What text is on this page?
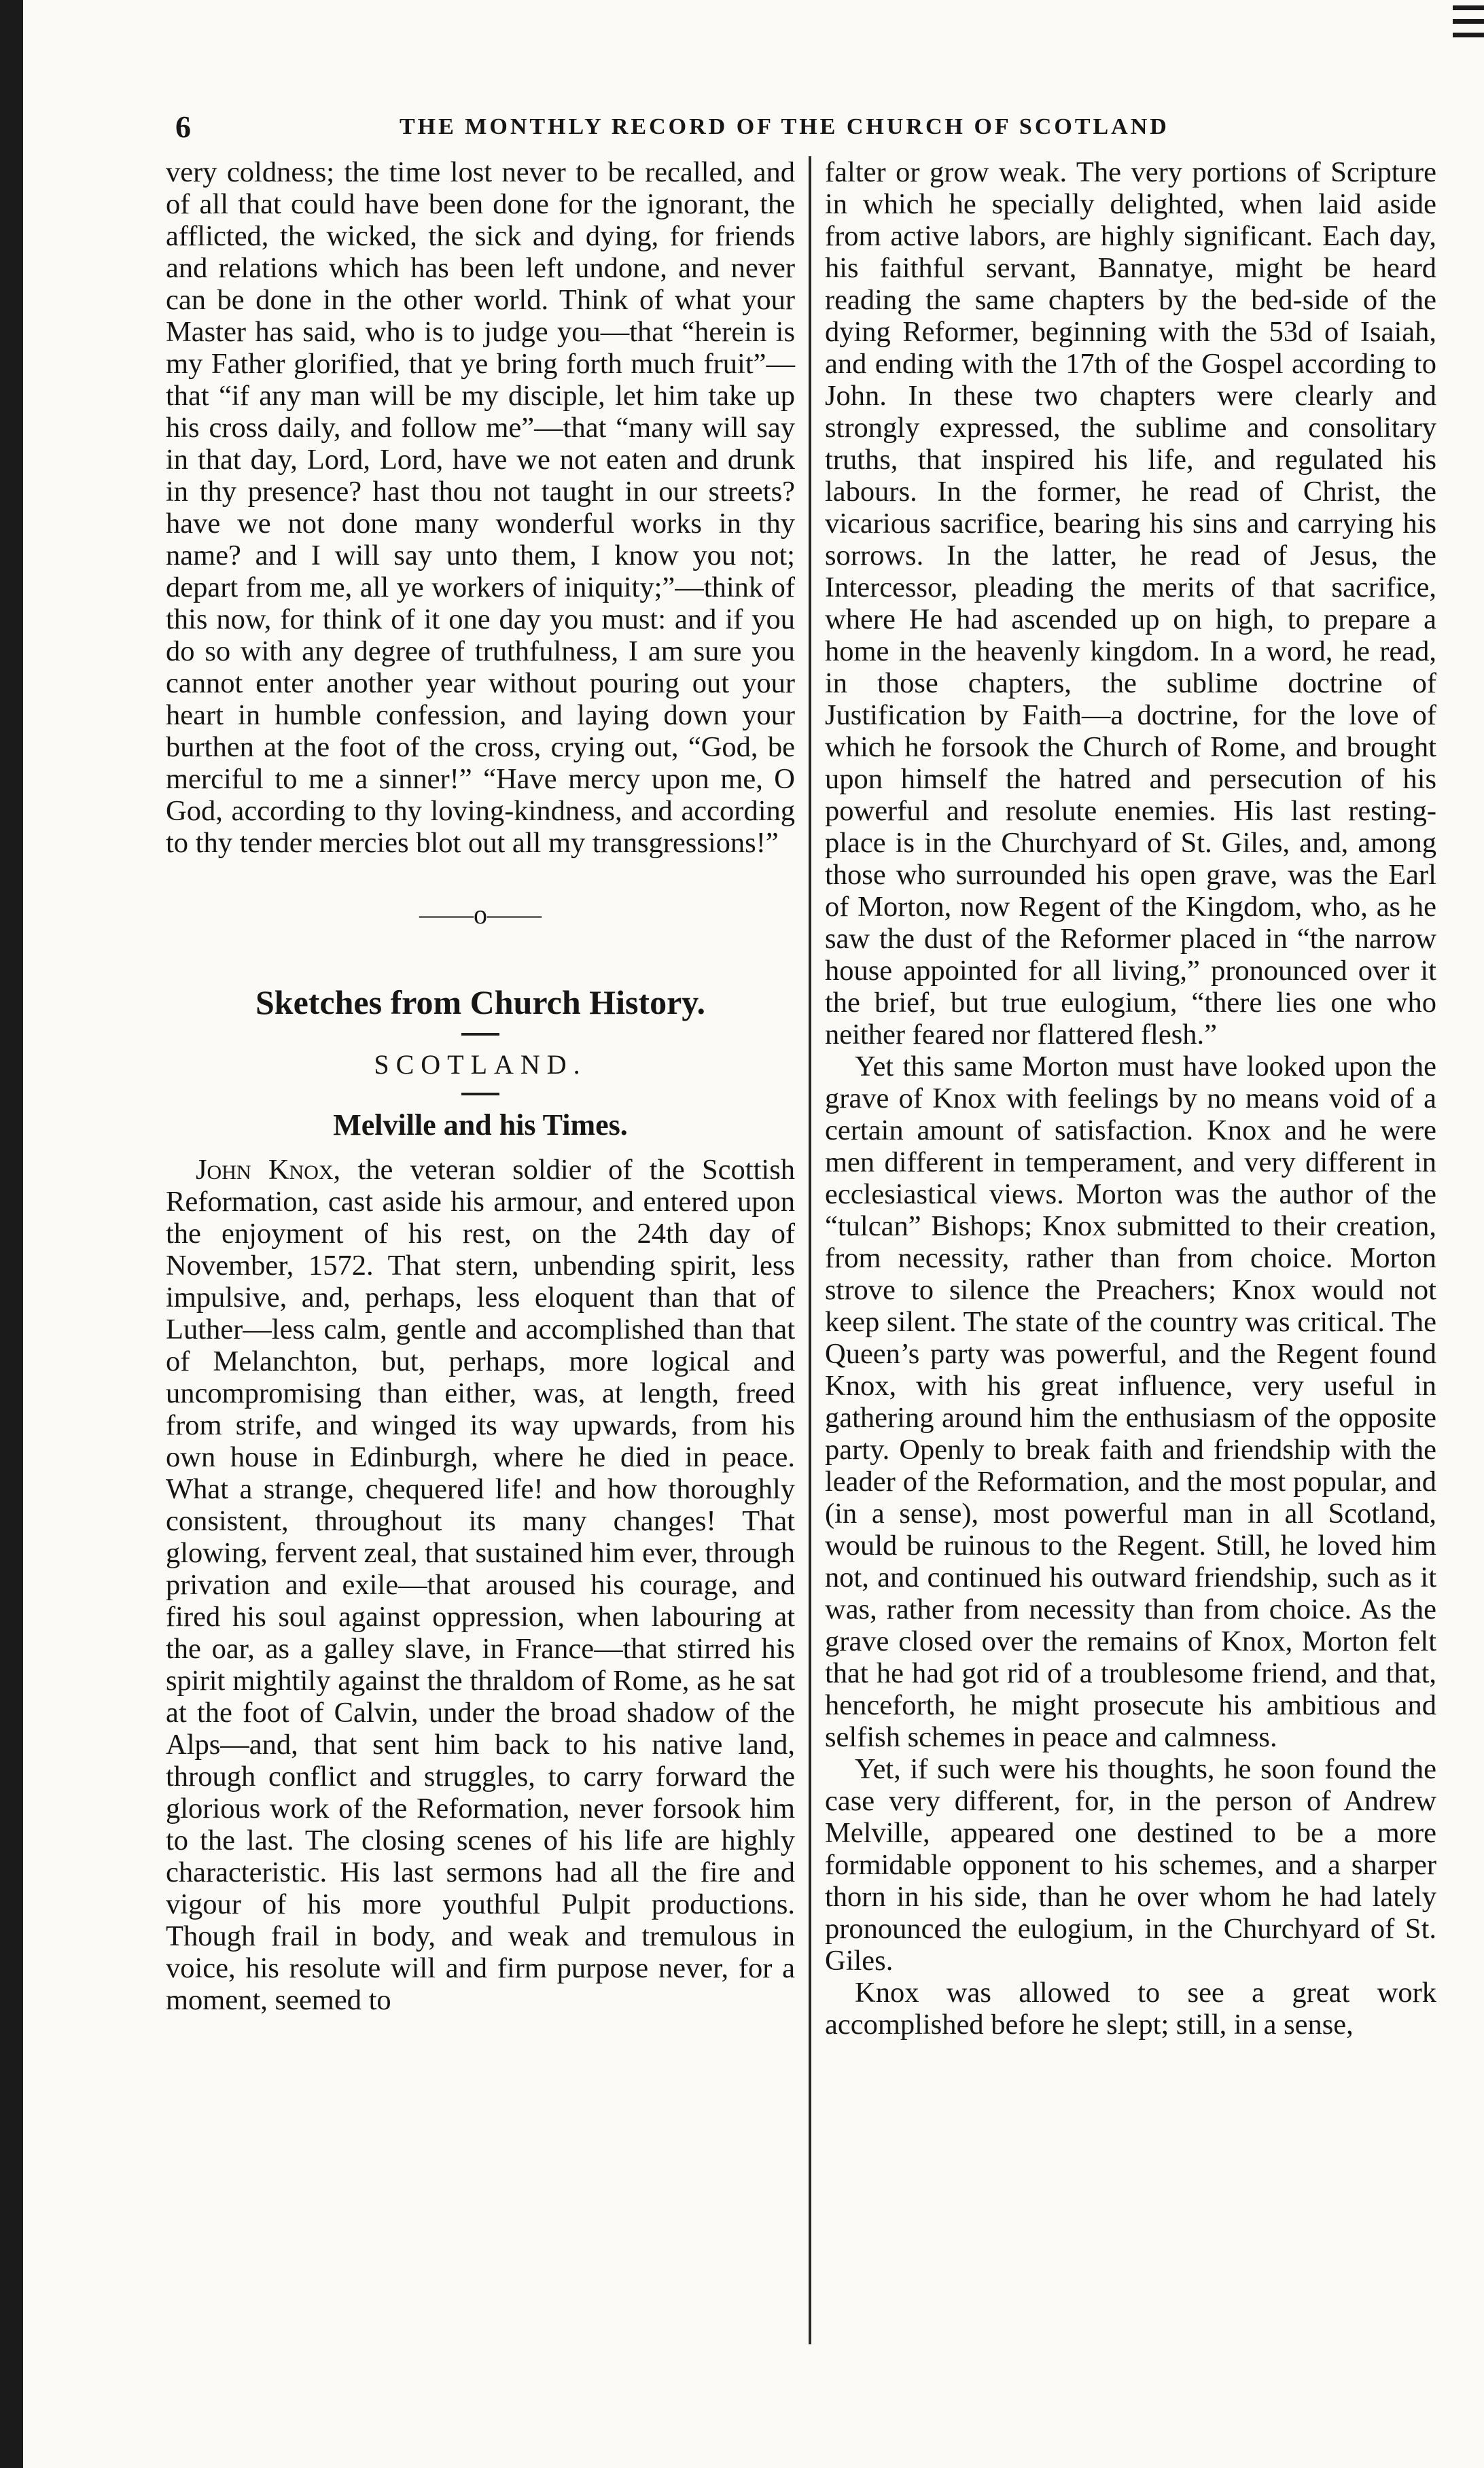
6	THE MONTHLY RECORD OF THE CHURCH OF SCOTLAND

very coldness; the time lost never to be recalled, and of all that could have been done for the ignorant, the afflicted, the wicked, the sick and dying, for friends and relations which has been left undone, and never can be done in the other world. Think of what your Master has said, who is to judge you—that “herein is my Father glorified, that ye bring forth much fruit”—that “if any man will be my disciple, let him take up his cross daily, and follow me”—that “many will say in that day, Lord, Lord, have we not eaten and drunk in thy presence? hast thou not taught in our streets? have we not done many wonderful works in thy name? and I will say unto them, I know you not; depart from me, all ye workers of iniquity;”—think of this now, for think of it one day you must: and if you do so with any degree of truthfulness, I am sure you cannot enter another year without pouring out your heart in humble confession, and laying down your burthen at the foot of the cross, crying out, “God, be merciful to me a sinner!” “Have mercy upon me, O God, according to thy loving-kindness, and according to thy tender mercies blot out all my transgressions!”

——o——
Sketches from Church History.
SCOTLAND.
Melville and his Times.

John Knox, the veteran soldier of the Scottish Reformation, cast aside his armour, and entered upon the enjoyment of his rest, on the 24th day of November, 1572. That stern, unbending spirit, less impulsive, and, perhaps, less eloquent than that of Luther—less calm, gentle and accomplished than that of Melanchton, but, perhaps, more logical and uncompromising than either, was, at length, freed from strife, and winged its way upwards, from his own house in Edinburgh, where he died in peace. What a strange, chequered life! and how thoroughly consistent, throughout its many changes! That glowing, fervent zeal, that sustained him ever, through privation and exile—that aroused his courage, and fired his soul against oppression, when labouring at the oar, as a galley slave, in France—that stirred his spirit mightily against the thraldom of Rome, as he sat at the foot of Calvin, under the broad shadow of the Alps—and, that sent him back to his native land, through conflict and struggles, to carry forward the glorious work of the Reformation, never forsook him to the last. The closing scenes of his life are highly characteristic. His last sermons had all the fire and vigour of his more youthful Pulpit productions. Though frail in body, and weak and tremulous in voice, his resolute will and firm purpose never, for a moment, seemed to

falter or grow weak. The very portions of Scripture in which he specially delighted, when laid aside from active labors, are highly significant. Each day, his faithful servant, Bannatye, might be heard reading the same chapters by the bed-side of the dying Reformer, beginning with the 53d of Isaiah, and ending with the 17th of the Gospel according to John. In these two chapters were clearly and strongly expressed, the sublime and consolitary truths, that inspired his life, and regulated his labours. In the former, he read of Christ, the vicarious sacrifice, bearing his sins and carrying his sorrows. In the latter, he read of Jesus, the Intercessor, pleading the merits of that sacrifice, where He had ascended up on high, to prepare a home in the heavenly kingdom. In a word, he read, in those chapters, the sublime doctrine of Justification by Faith—a doctrine, for the love of which he forsook the Church of Rome, and brought upon himself the hatred and persecution of his powerful and resolute enemies. His last resting-place is in the Churchyard of St. Giles, and, among those who surrounded his open grave, was the Earl of Morton, now Regent of the Kingdom, who, as he saw the dust of the Reformer placed in “the narrow house appointed for all living,” pronounced over it the brief, but true eulogium, “there lies one who neither feared nor flattered flesh.”

Yet this same Morton must have looked upon the grave of Knox with feelings by no means void of a certain amount of satisfaction. Knox and he were men different in temperament, and very different in ecclesiastical views. Morton was the author of the “tulcan” Bishops; Knox submitted to their creation, from necessity, rather than from choice. Morton strove to silence the Preachers; Knox would not keep silent. The state of the country was critical. The Queen’s party was powerful, and the Regent found Knox, with his great influence, very useful in gathering around him the enthusiasm of the opposite party. Openly to break faith and friendship with the leader of the Reformation, and the most popular, and (in a sense), most powerful man in all Scotland, would be ruinous to the Regent. Still, he loved him not, and continued his outward friendship, such as it was, rather from necessity than from choice. As the grave closed over the remains of Knox, Morton felt that he had got rid of a troublesome friend, and that, henceforth, he might prosecute his ambitious and selfish schemes in peace and calmness.

Yet, if such were his thoughts, he soon found the case very different, for, in the person of Andrew Melville, appeared one destined to be a more formidable opponent to his schemes, and a sharper thorn in his side, than he over whom he had lately pronounced the eulogium, in the Churchyard of St. Giles.

Knox was allowed to see a great work accomplished before he slept; still, in a sense,
